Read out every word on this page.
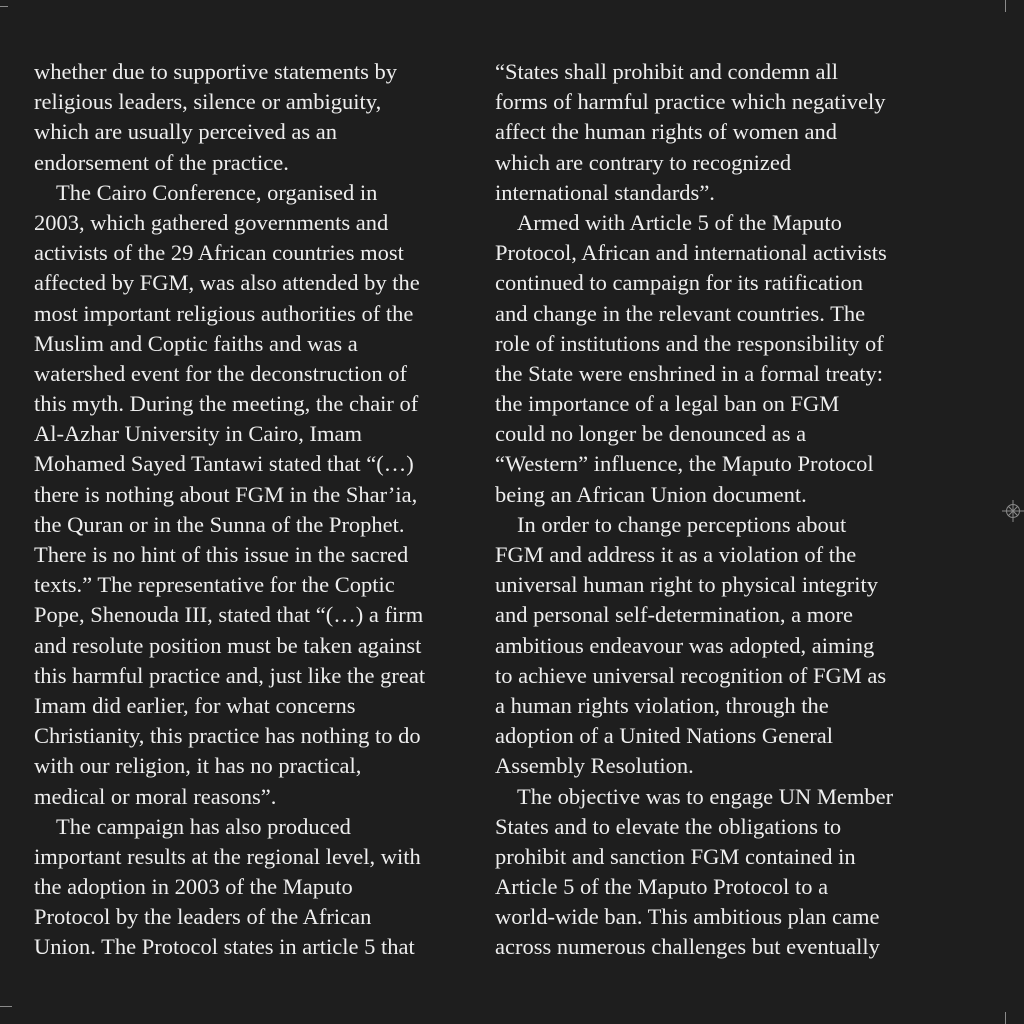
whether due to supportive statements by
religious leaders, silence or ambiguity,
which are usually perceived as an
endorsement of the practice.
The Cairo Conference, organised in
2003, which gathered governments and
activists of the 29 African countries most
affected by FGM, was also attended by the
most important religious authorities of the
Muslim and Coptic faiths and was a
watershed event for the deconstruction of
this myth. During the meeting, the chair of
Al-Azhar University in Cairo, Imam
Mohamed Sayed Tantawi stated that “(…)
there is nothing about FGM in the Shar’ia,
the Quran or in the Sunna of the Prophet.
There is no hint of this issue in the sacred
texts.” The representative for the Coptic
Pope, Shenouda III, stated that “(…) a firm
and resolute position must be taken against
this harmful practice and, just like the great
Imam did earlier, for what concerns
Christianity, this practice has nothing to do
with our religion, it has no practical,
medical or moral reasons”.
The campaign has also produced
important results at the regional level, with
the adoption in 2003 of the Maputo
Protocol by the leaders of the African
Union. The Protocol states in article 5 that
“States shall prohibit and condemn all
forms of harmful practice which negatively
affect the human rights of women and
which are contrary to recognized
international standards”.
Armed with Article 5 of the Maputo
Protocol, African and international activists
continued to campaign for its ratification
and change in the relevant countries. The
role of institutions and the responsibility of
the State were enshrined in a formal treaty:
the importance of a legal ban on FGM
could no longer be denounced as a
“Western” influence, the Maputo Protocol
being an African Union document.
In order to change perceptions about
FGM and address it as a violation of the
universal human right to physical integrity
and personal self-determination, a more
ambitious endeavour was adopted, aiming
to achieve universal recognition of FGM as
a human rights violation, through the
adoption of a United Nations General
Assembly Resolution.
The objective was to engage UN Member
States and to elevate the obligations to
prohibit and sanction FGM contained in
Article 5 of the Maputo Protocol to a
world-wide ban. This ambitious plan came
across numerous challenges but eventually
